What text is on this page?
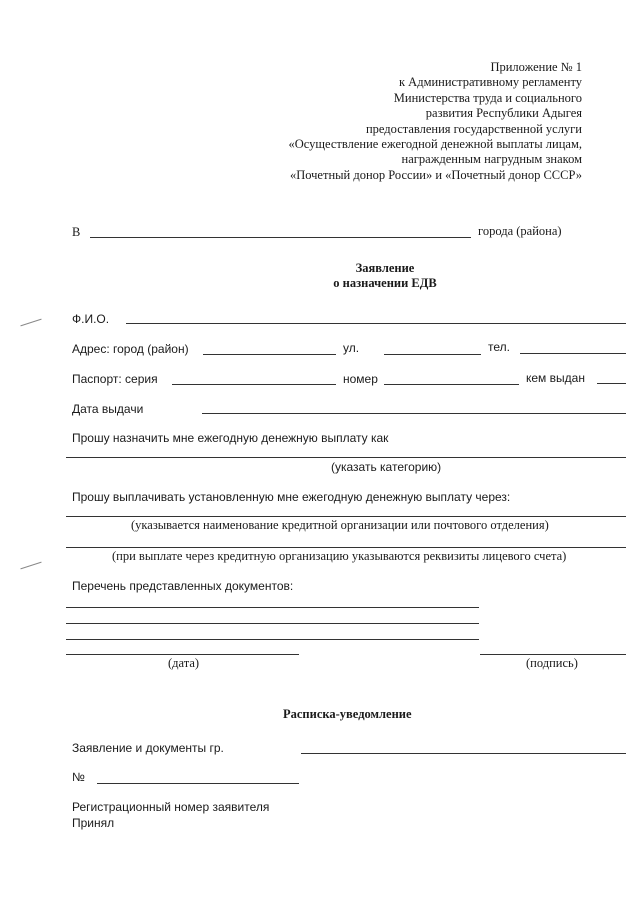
Приложение № 1
к Административному регламенту
Министерства труда и социального
развития Республики Адыгея
предоставления государственной услуги
«Осуществление ежегодной денежной выплаты лицам,
награжденным нагрудным знаком
«Почетный донор России» и «Почетный донор СССР»
В	города (района)
Заявление
о назначении ЕДВ
Ф.И.О.
Адрес: город (район)	ул.	тел.
Паспорт: серия	номер	кем выдан
Дата выдачи
Прошу назначить мне ежегодную денежную выплату как
(указать категорию)
Прошу выплачивать установленную мне ежегодную денежную выплату через:
(указывается наименование кредитной организации или почтового отделения)
(при выплате через кредитную организацию указываются реквизиты лицевого счета)
Перечень представленных документов:
(дата)	(подпись)
Расписка-уведомление
Заявление и документы гр.
№
Регистрационный номер заявителя
Принял
